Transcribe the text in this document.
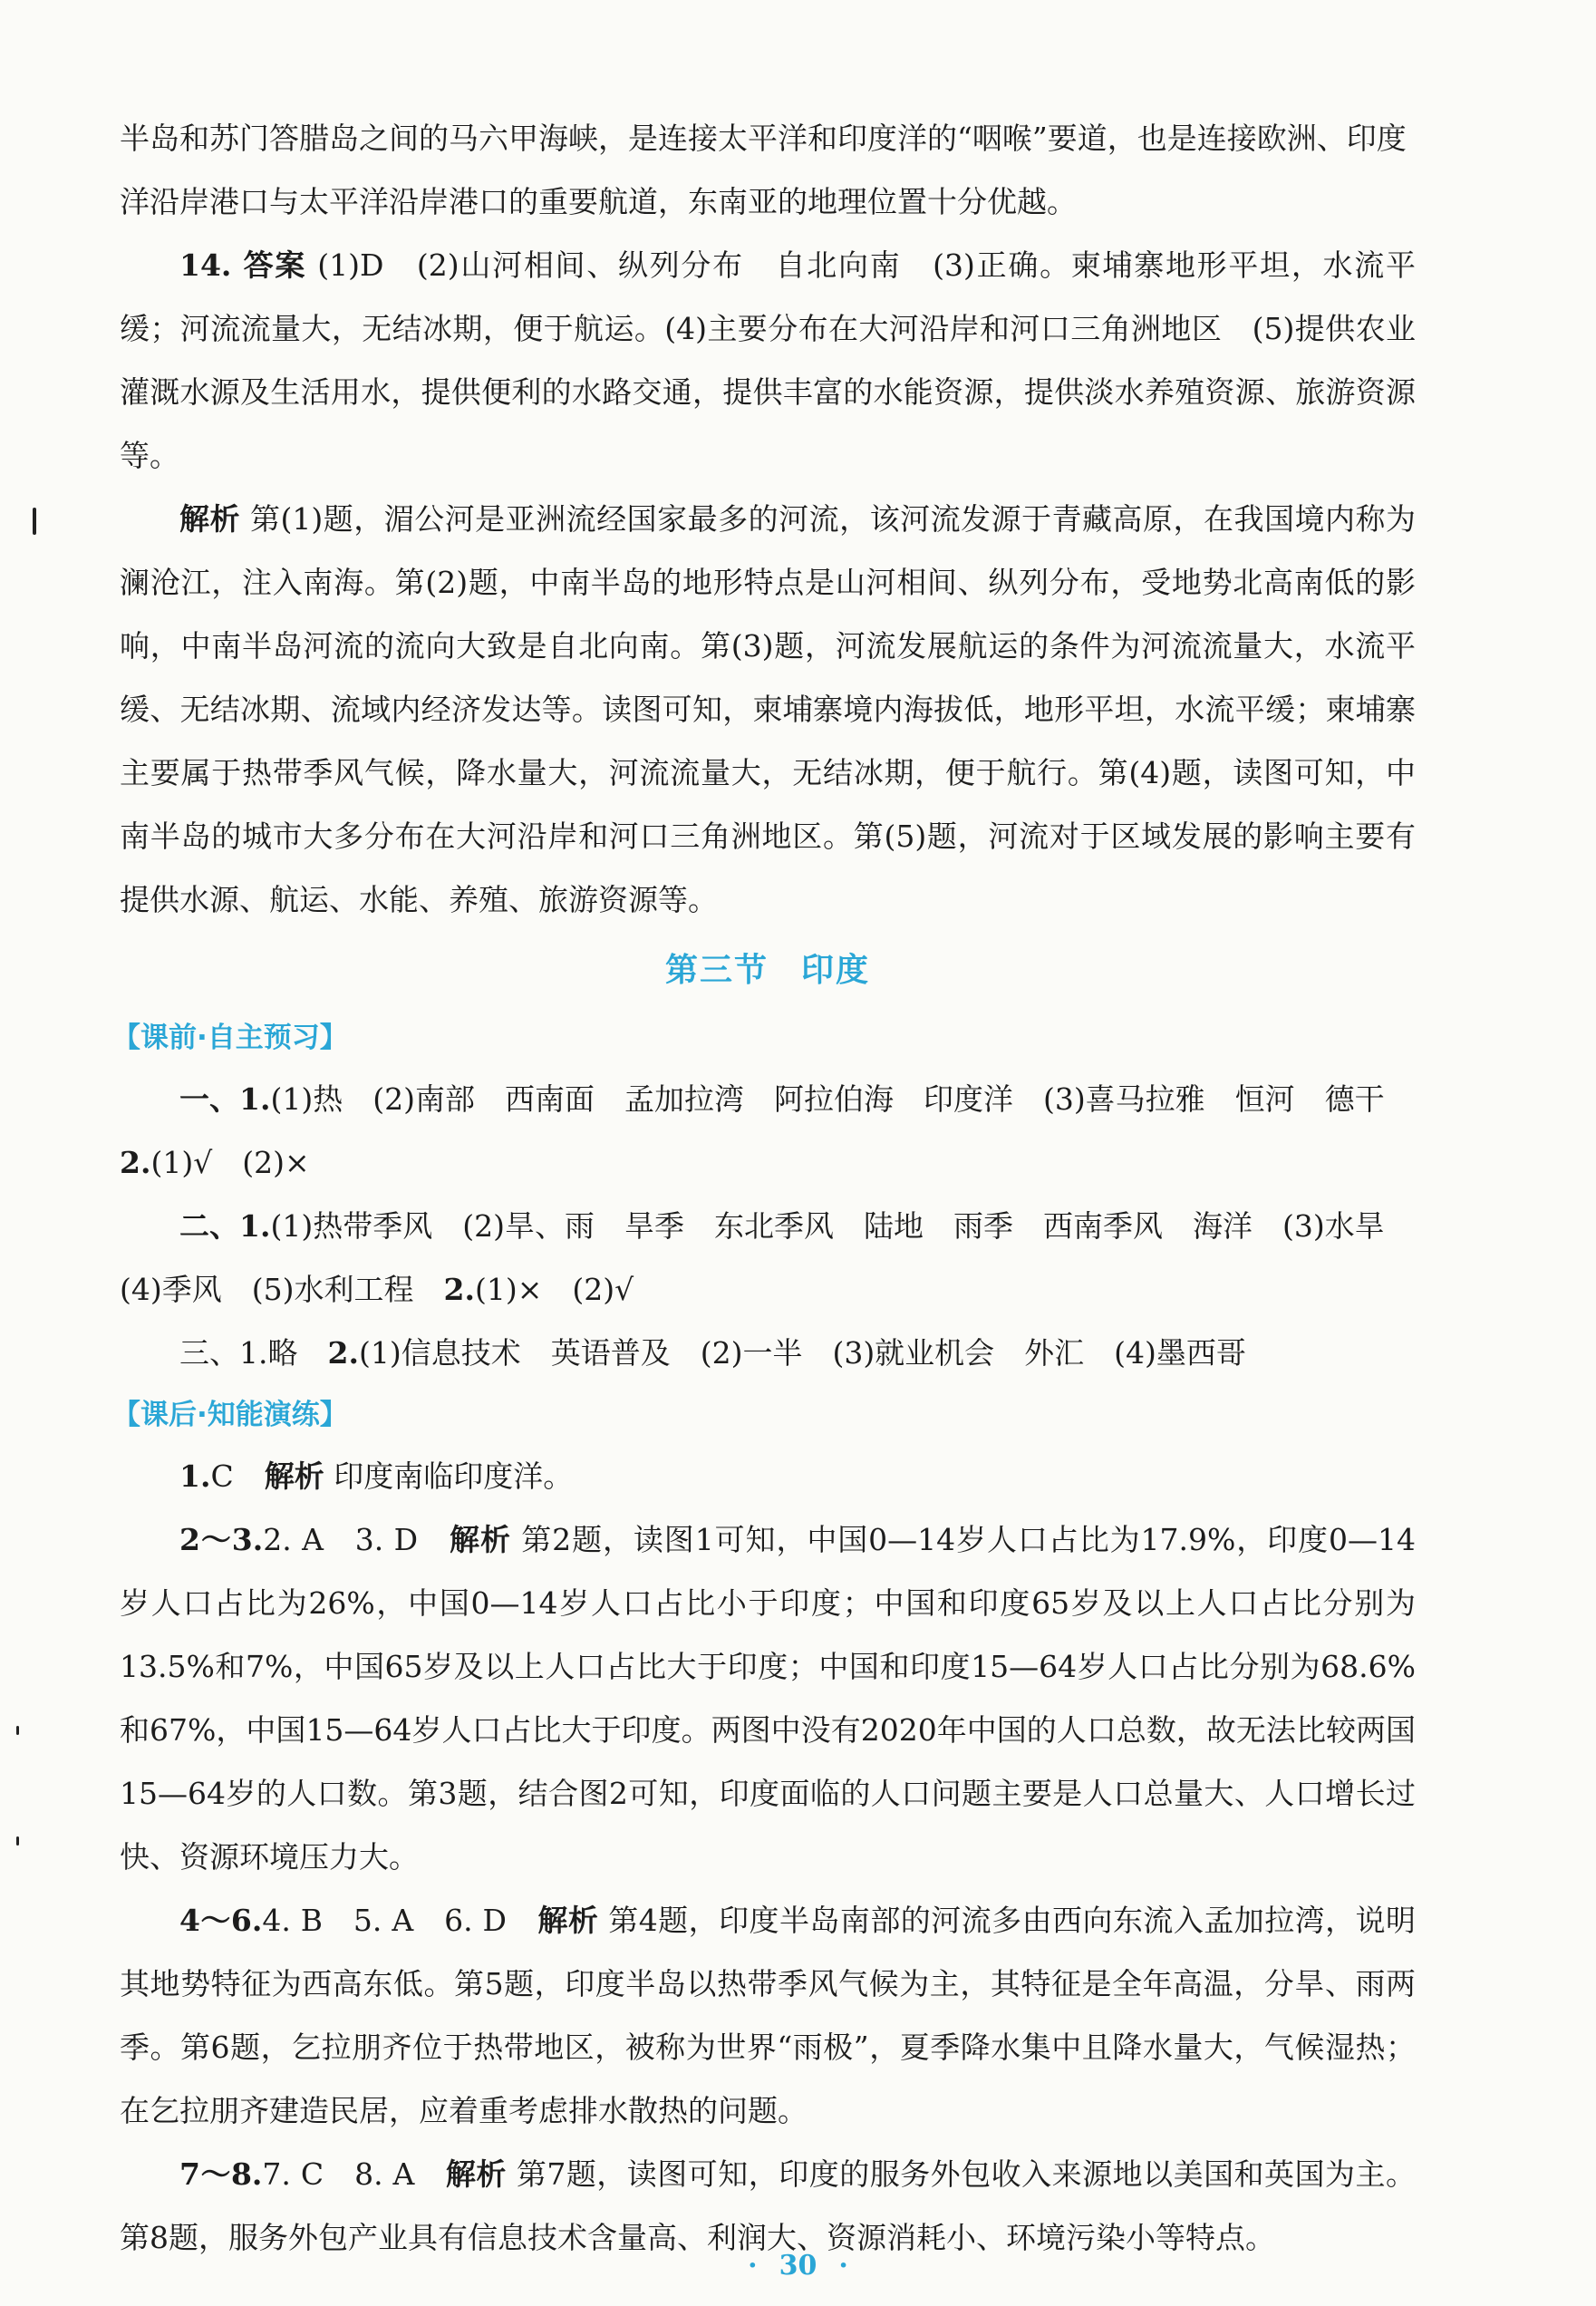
半岛和苏门答腊岛之间的马六甲海峡，是连接太平洋和印度洋的“咽喉”要道，也是连接欧洲、印度

洋沿岸港口与太平洋沿岸港口的重要航道，东南亚的地理位置十分优越。

14. 答案 (1)D　(2)山河相间、纵列分布　自北向南　(3)正确。柬埔寨地形平坦，水流平缓；河流流量大，无结冰期，便于航运。(4)主要分布在大河沿岸和河口三角洲地区　(5)提供农业灌溉水源及生活用水，提供便利的水路交通，提供丰富的水能资源，提供淡水养殖资源、旅游资源等。

解析 第(1)题，湄公河是亚洲流经国家最多的河流，该河流发源于青藏高原，在我国境内称为澜沧江，注入南海。第(2)题，中南半岛的地形特点是山河相间、纵列分布，受地势北高南低的影响，中南半岛河流的流向大致是自北向南。第(3)题，河流发展航运的条件为河流流量大，水流平缓、无结冰期、流域内经济发达等。读图可知，柬埔寨境内海拔低，地形平坦，水流平缓；柬埔寨主要属于热带季风气候，降水量大，河流流量大，无结冰期，便于航行。第(4)题，读图可知，中南半岛的城市大多分布在大河沿岸和河口三角洲地区。第(5)题，河流对于区域发展的影响主要有提供水源、航运、水能、养殖、旅游资源等。

第三节 印度
【课前·自主预习】

一、1.(1)热　(2)南部　西南面　孟加拉湾　阿拉伯海　印度洋　(3)喜马拉雅　恒河　德干

2.(1)√　(2)×

二、1.(1)热带季风　(2)旱、雨　旱季　东北季风　陆地　雨季　西南季风　海洋　(3)水旱

(4)季风　(5)水利工程　2.(1)×　(2)√

三、1.略　2.(1)信息技术　英语普及　(2)一半　(3)就业机会　外汇　(4)墨西哥

【课后·知能演练】

1.C 解析 印度南临印度洋。

2～3.2. A　3. D 解析 第2题，读图1可知，中国0—14岁人口占比为17.9%，印度0—14岁人口占比为26%，中国0—14岁人口占比小于印度；中国和印度65岁及以上人口占比分别为13.5%和7%，中国65岁及以上人口占比大于印度；中国和印度15—64岁人口占比分别为68.6%和67%，中国15—64岁人口占比大于印度。两图中没有2020年中国的人口总数，故无法比较两国15—64岁的人口数。第3题，结合图2可知，印度面临的人口问题主要是人口总量大、人口增长过快、资源环境压力大。

4～6.4. B　5. A　6. D 解析 第4题，印度半岛南部的河流多由西向东流入孟加拉湾，说明其地势特征为西高东低。第5题，印度半岛以热带季风气候为主，其特征是全年高温，分旱、雨两季。第6题，乞拉朋齐位于热带地区，被称为世界“雨极”，夏季降水集中且降水量大，气候湿热；在乞拉朋齐建造民居，应着重考虑排水散热的问题。

7～8.7. C　8. A 解析 第7题，读图可知，印度的服务外包收入来源地以美国和英国为主。第8题，服务外包产业具有信息技术含量高、利润大、资源消耗小、环境污染小等特点。

· 30 ·
